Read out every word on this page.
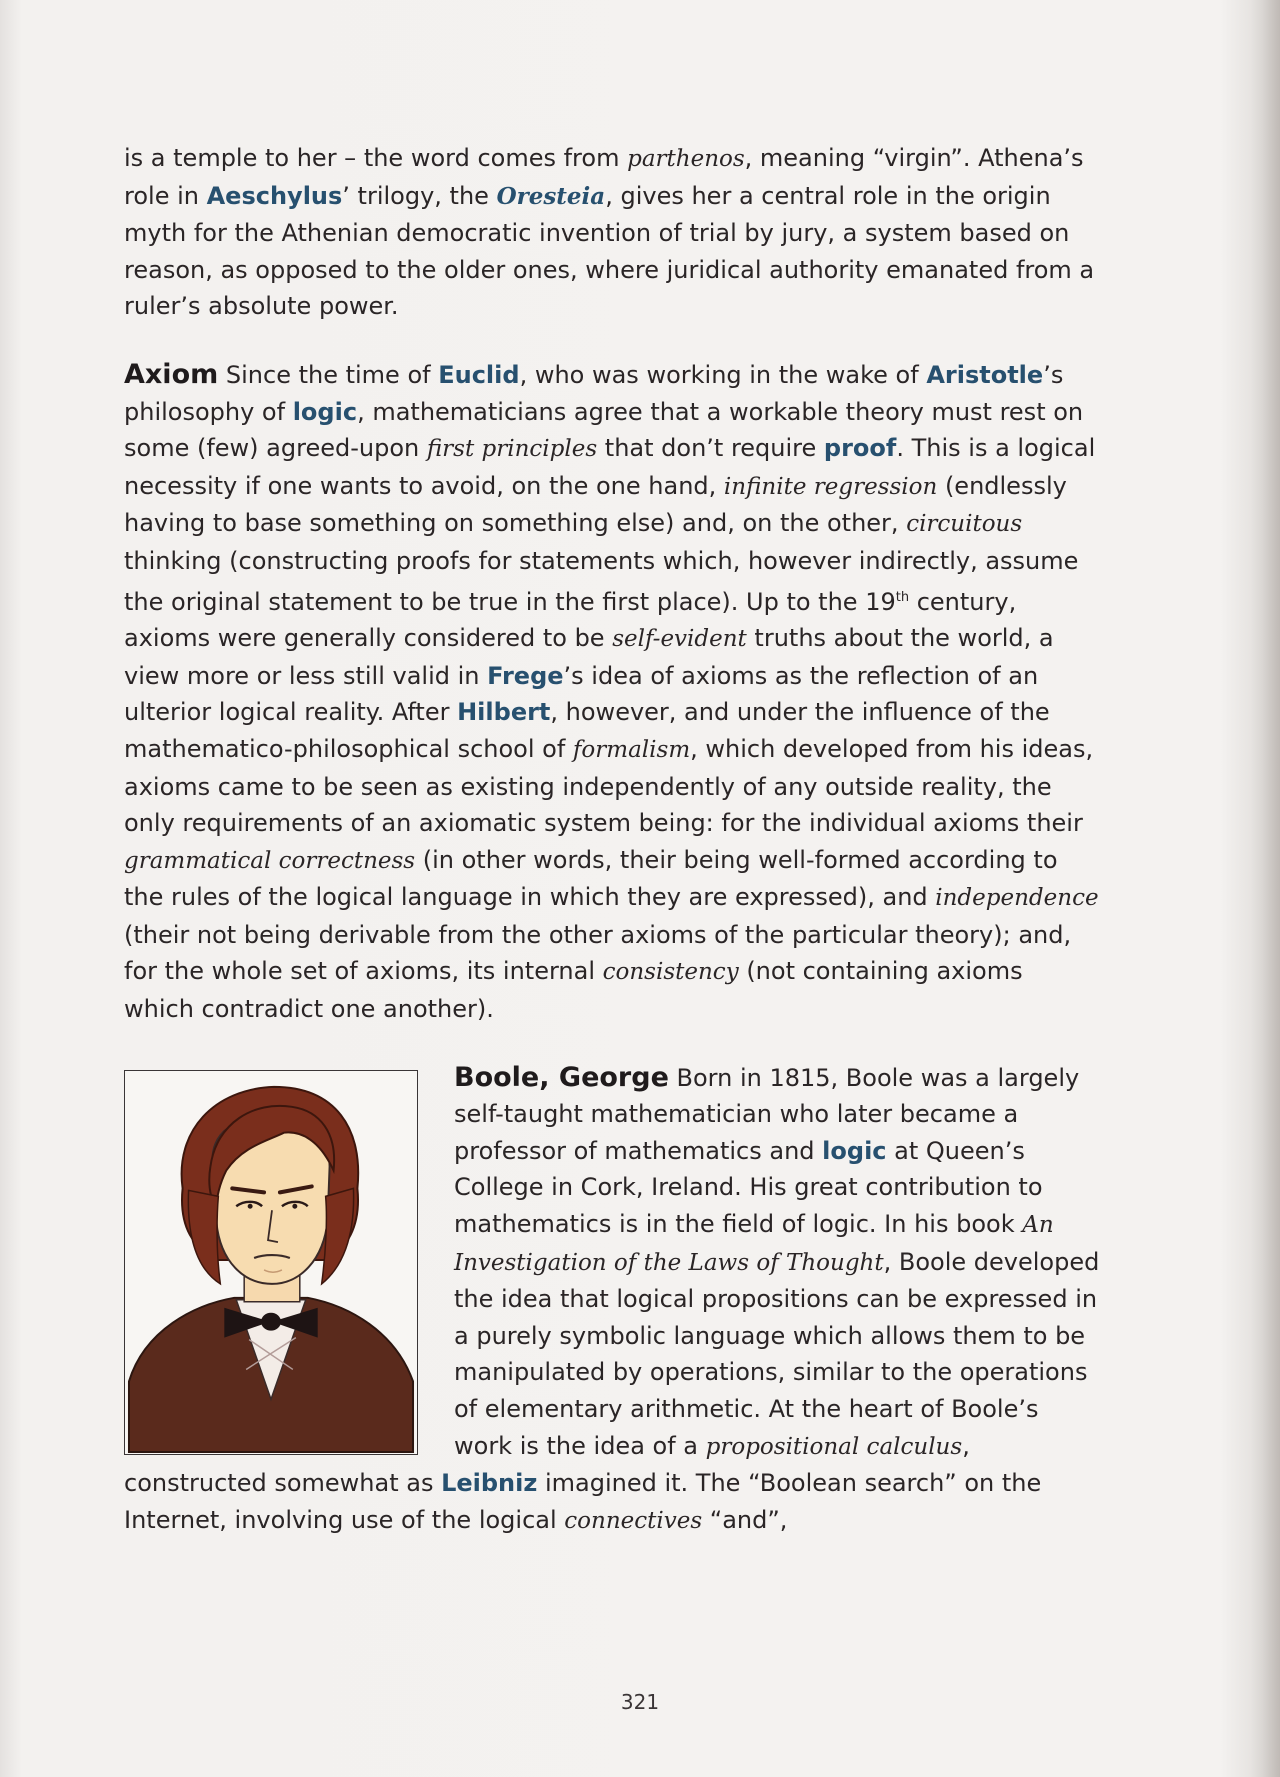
is a temple to her – the word comes from parthenos, meaning “virgin”. Athena’s role in Aeschylus’ trilogy, the Oresteia, gives her a central role in the origin myth for the Athenian democratic invention of trial by jury, a system based on reason, as opposed to the older ones, where juridical authority emanated from a ruler’s absolute power.

Axiom Since the time of Euclid, who was working in the wake of Aristotle’s philosophy of logic, mathematicians agree that a workable theory must rest on some (few) agreed-upon first principles that don’t require proof. This is a logical necessity if one wants to avoid, on the one hand, infinite regression (endlessly having to base something on something else) and, on the other, circuitous thinking (constructing proofs for statements which, however indirectly, assume the original statement to be true in the first place). Up to the 19th century, axioms were generally considered to be self-evident truths about the world, a view more or less still valid in Frege’s idea of axioms as the reflection of an ulterior logical reality. After Hilbert, however, and under the influence of the mathematico-philosophical school of formalism, which developed from his ideas, axioms came to be seen as existing independently of any outside reality, the only requirements of an axiomatic system being: for the individual axioms their grammatical correctness (in other words, their being well-formed according to the rules of the logical language in which they are expressed), and independence (their not being derivable from the other axioms of the particular theory); and, for the whole set of axioms, its internal consistency (not containing axioms which contradict one another).

Boole, George Born in 1815, Boole was a largely self-taught mathematician who later became a professor of mathematics and logic at Queen’s College in Cork, Ireland. His great contribution to mathematics is in the field of logic. In his book An Investigation of the Laws of Thought, Boole developed the idea that logical propositions can be expressed in a purely symbolic language which allows them to be manipulated by operations, similar to the operations of elementary arithmetic. At the heart of Boole’s work is the idea of a propositional calculus, constructed somewhat as Leibniz imagined it. The “Boolean search” on the Internet, involving use of the logical connectives “and”,

321
